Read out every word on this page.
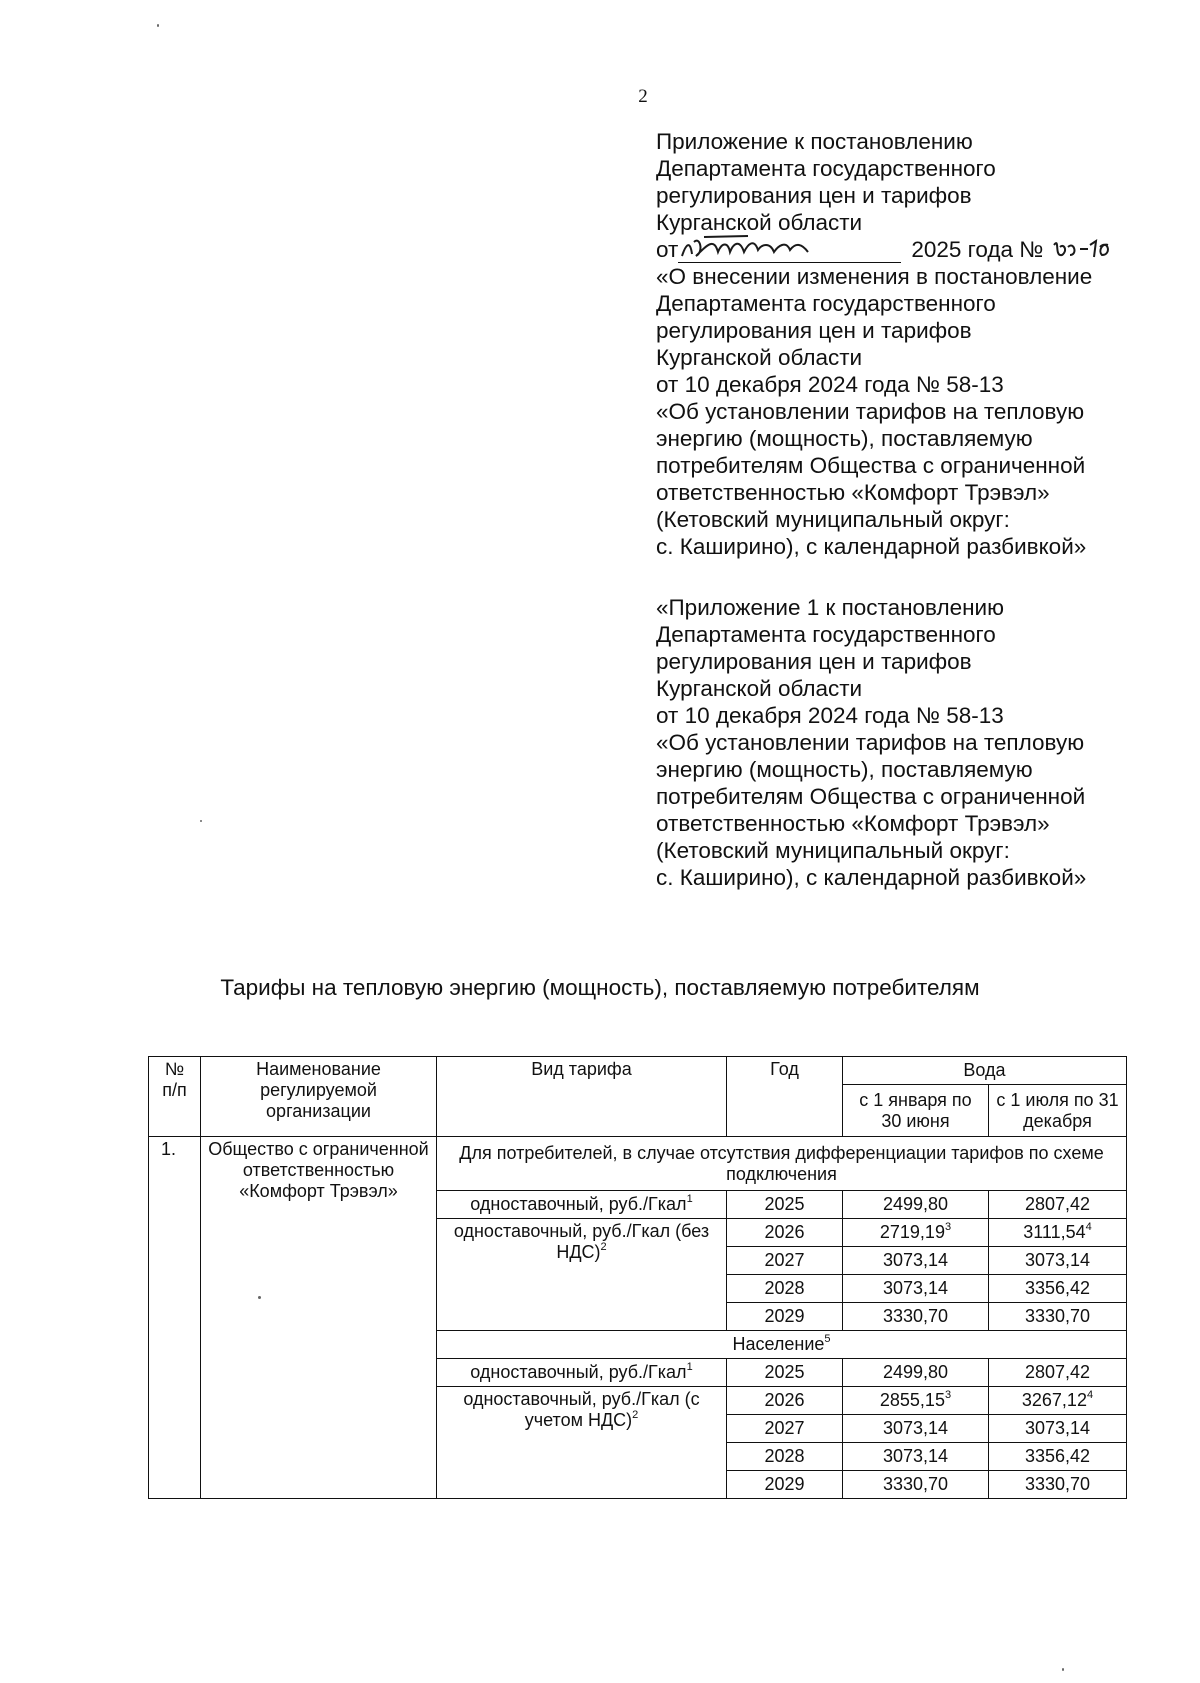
2
Приложение к постановлению
Департамента государственного
регулирования цен и тарифов
Курганской области
от	2025 года №
«О внесении изменения в постановление
Департамента государственного
регулирования цен и тарифов
Курганской области
от 10 декабря 2024 года № 58-13
«Об установлении тарифов на тепловую
энергию (мощность), поставляемую
потребителям Общества с ограниченной
ответственностью «Комфорт Трэвэл»
(Кетовский муниципальный округ:
с. Каширино), с календарной разбивкой»
«Приложение 1 к постановлению
Департамента государственного
регулирования цен и тарифов
Курганской области
от 10 декабря 2024 года № 58-13
«Об установлении тарифов на тепловую
энергию (мощность), поставляемую
потребителям Общества с ограниченной
ответственностью «Комфорт Трэвэл»
(Кетовский муниципальный округ:
с. Каширино), с календарной разбивкой»
Тарифы на тепловую энергию (мощность), поставляемую потребителям
№ п/п	Наименование регулируемой организации	Вид тарифа	Год	Вода	
				с 1 января по 30 июня	с 1 июля по 31 декабря
1.	Общество с ограниченной ответственностью «Комфорт Трэвэл»	Для потребителей, в случае отсутствия дифференциации тарифов по схеме подключения			
		одноставочный, руб./Гкал$^1$	2025	2499,80	2807,42
		одноставочный, руб./Гкал (без НДС)$^2$	2026	2719,19$^3$	3111,54$^4$
			2027	3073,14	3073,14
			2028	3073,14	3356,42
			2029	3330,70	3330,70
		Население$^5$
		одноставочный, руб./Гкал$^1$	2025	2499,80	2807,42
		одноставочный, руб./Гкал (с учетом НДС)$^2$	2026	2855,15$^3$	3267,12$^4$
			2027	3073,14	3073,14
			2028	3073,14	3356,42
			2029	3330,70	3330,70
